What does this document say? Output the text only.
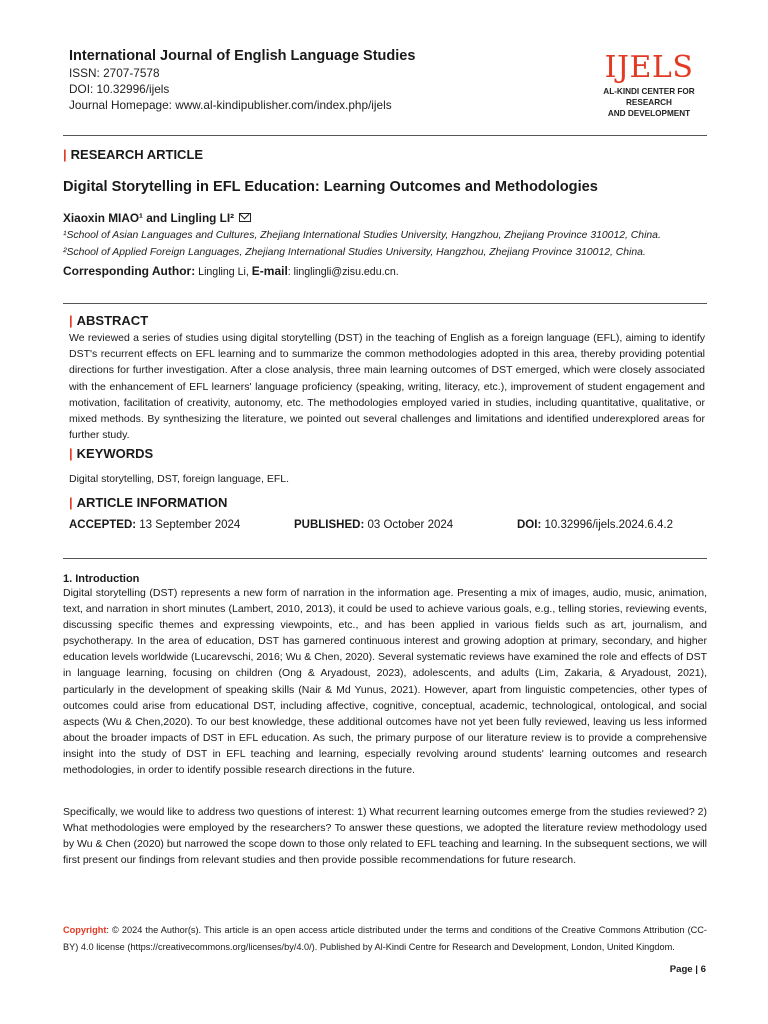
International Journal of English Language Studies
ISSN: 2707-7578
DOI: 10.32996/ijels
Journal Homepage: www.al-kindipublisher.com/index.php/ijels
IJELS
AL-KINDI CENTER FOR RESEARCH
AND DEVELOPMENT
| RESEARCH ARTICLE
Digital Storytelling in EFL Education: Learning Outcomes and Methodologies
Xiaoxin MIAO¹ and Lingling LI²
¹School of Asian Languages and Cultures, Zhejiang International Studies University, Hangzhou, Zhejiang Province 310012, China.
²School of Applied Foreign Languages, Zhejiang International Studies University, Hangzhou, Zhejiang Province 310012, China.
Corresponding Author: Lingling Li, E-mail: linglingli@zisu.edu.cn.
| ABSTRACT
We reviewed a series of studies using digital storytelling (DST) in the teaching of English as a foreign language (EFL), aiming to identify DST's recurrent effects on EFL learning and to summarize the common methodologies adopted in this area, thereby providing potential directions for further investigation. After a close analysis, three main learning outcomes of DST emerged, which were closely associated with the enhancement of EFL learners' language proficiency (speaking, writing, literacy, etc.), improvement of student engagement and motivation, facilitation of creativity, autonomy, etc. The methodologies employed varied in studies, including quantitative, qualitative, or mixed methods. By synthesizing the literature, we pointed out several challenges and limitations and identified underexplored areas for further study.
| KEYWORDS
Digital storytelling, DST, foreign language, EFL.
| ARTICLE INFORMATION
ACCEPTED: 13 September 2024	PUBLISHED: 03 October 2024	DOI: 10.32996/ijels.2024.6.4.2
1. Introduction
Digital storytelling (DST) represents a new form of narration in the information age. Presenting a mix of images, audio, music, animation, text, and narration in short minutes (Lambert, 2010, 2013), it could be used to achieve various goals, e.g., telling stories, reviewing events, discussing specific themes and expressing viewpoints, etc., and has been applied in various fields such as art, journalism, and psychotherapy. In the area of education, DST has garnered continuous interest and growing adoption at primary, secondary, and higher education levels worldwide (Lucarevschi, 2016; Wu & Chen, 2020). Several systematic reviews have examined the role and effects of DST in language learning, focusing on children (Ong & Aryadoust, 2023), adolescents, and adults (Lim, Zakaria, & Aryadoust, 2021), particularly in the development of speaking skills (Nair & Md Yunus, 2021). However, apart from linguistic competencies, other types of outcomes could arise from educational DST, including affective, cognitive, conceptual, academic, technological, ontological, and social aspects (Wu & Chen,2020). To our best knowledge, these additional outcomes have not yet been fully reviewed, leaving us less informed about the broader impacts of DST in EFL education. As such, the primary purpose of our literature review is to provide a comprehensive insight into the study of DST in EFL teaching and learning, especially revolving around students' learning outcomes and research methodologies, in order to identify possible research directions in the future.
Specifically, we would like to address two questions of interest: 1) What recurrent learning outcomes emerge from the studies reviewed? 2) What methodologies were employed by the researchers? To answer these questions, we adopted the literature review methodology used by Wu & Chen (2020) but narrowed the scope down to those only related to EFL teaching and learning. In the subsequent sections, we will first present our findings from relevant studies and then provide possible recommendations for future research.
Copyright: © 2024 the Author(s). This article is an open access article distributed under the terms and conditions of the Creative Commons Attribution (CC-BY) 4.0 license (https://creativecommons.org/licenses/by/4.0/). Published by Al-Kindi Centre for Research and Development, London, United Kingdom.
Page | 6
